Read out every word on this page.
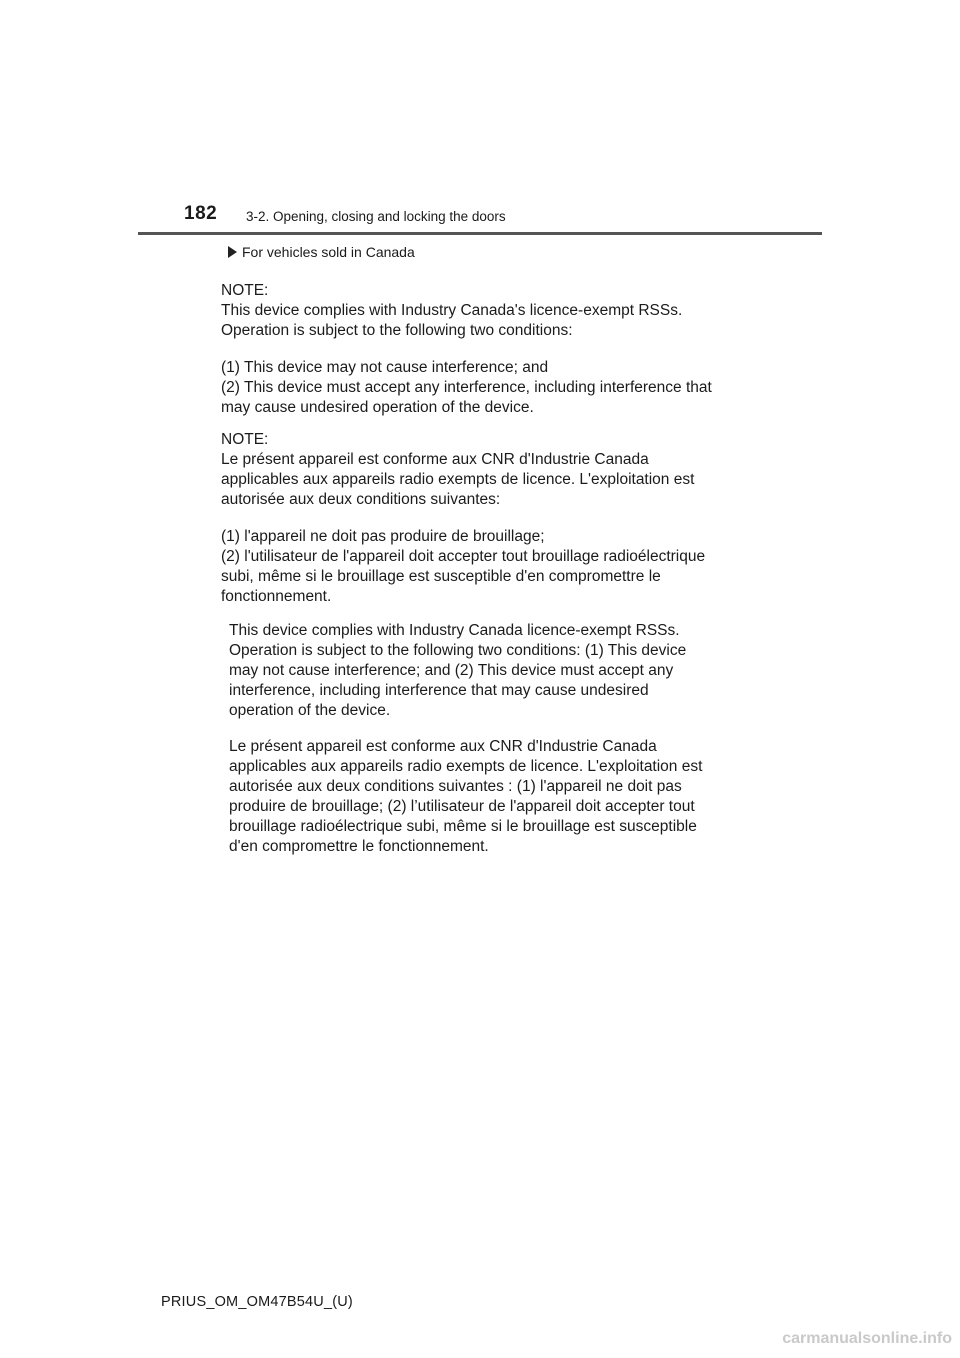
182 3-2. Opening, closing and locking the doors
For vehicles sold in Canada

NOTE:

This device complies with Industry Canada's licence-exempt RSSs.

Operation is subject to the following two conditions:

(1) This device may not cause interference; and

(2) This device must accept any interference, including interference that

may cause undesired operation of the device.

NOTE:

Le présent appareil est conforme aux CNR d'Industrie Canada

applicables aux appareils radio exempts de licence. L'exploitation est

autorisée aux deux conditions suivantes:

(1) l'appareil ne doit pas produire de brouillage;

(2) l'utilisateur de l'appareil doit accepter tout brouillage radioélectrique

subi, même si le brouillage est susceptible d'en compromettre le

fonctionnement.

This device complies with Industry Canada licence-exempt RSSs.

Operation is subject to the following two conditions: (1) This device

may not cause interference; and (2) This device must accept any

interference, including interference that may cause undesired

operation of the device.

Le présent appareil est conforme aux CNR d'Industrie Canada

applicables aux appareils radio exempts de licence. L'exploitation est

autorisée aux deux conditions suivantes : (1) l'appareil ne doit pas

produire de brouillage; (2) l’utilisateur de l'appareil doit accepter tout

brouillage radioélectrique subi, même si le brouillage est susceptible

d'en compromettre le fonctionnement.

PRIUS_OM_OM47B54U_(U)
carmanualsonline.info
